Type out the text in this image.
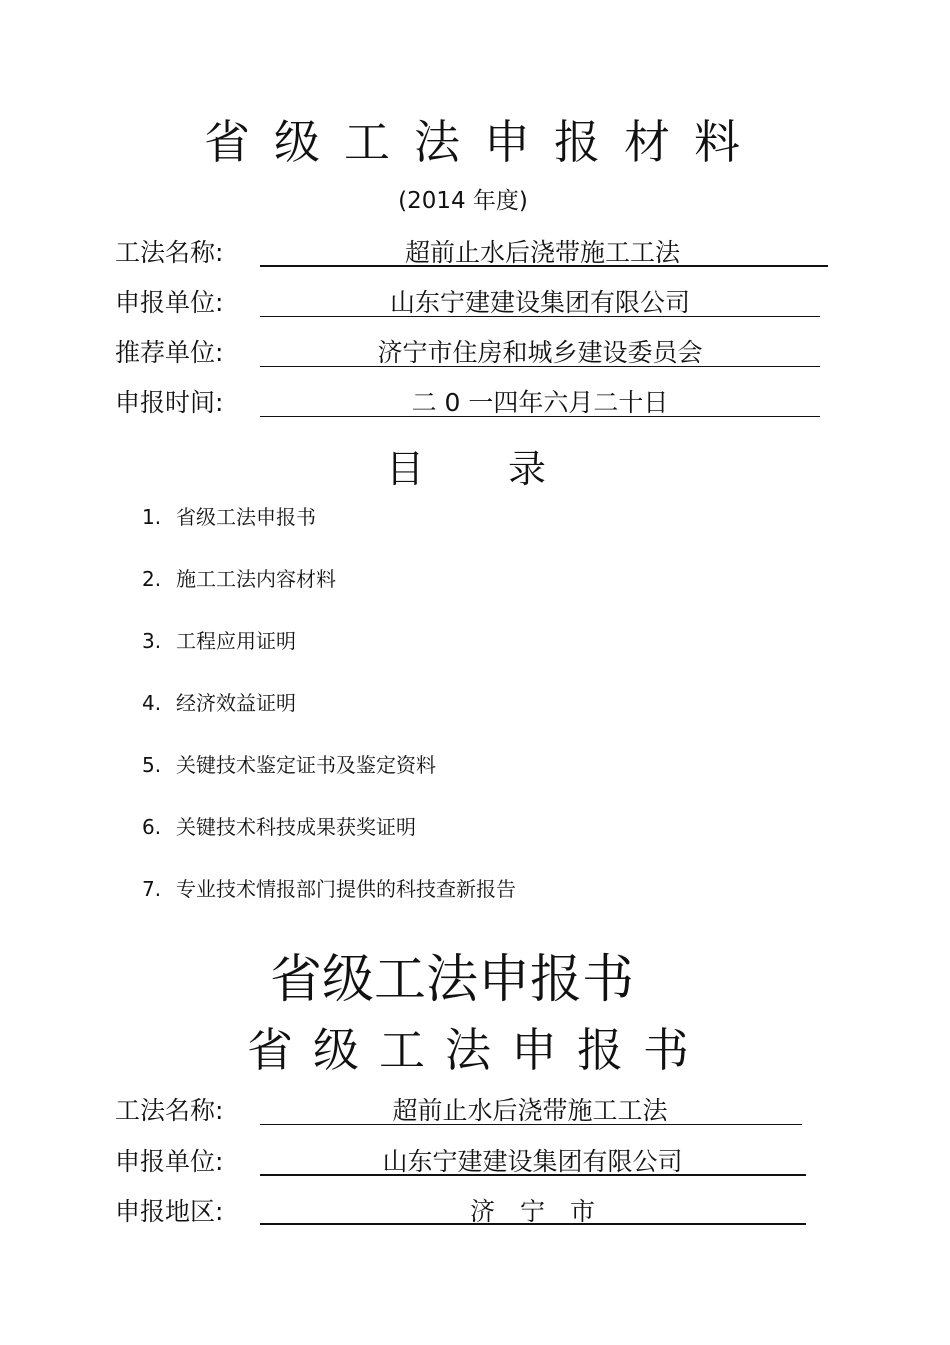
省级工法申报材料
(2014 年度)
工法名称:	超前止水后浇带施工工法
申报单位:	山东宁建建设集团有限公司
推荐单位:	济宁市住房和城乡建设委员会
申报时间:	二 0 一四年六月二十日
目 录
1. 省级工法申报书
2. 施工工法内容材料
3. 工程应用证明
4. 经济效益证明
5. 关键技术鉴定证书及鉴定资料
6. 关键技术科技成果获奖证明
7. 专业技术情报部门提供的科技查新报告
省级工法申报书
省级工法申报书
工法名称:	超前止水后浇带施工工法
申报单位:	山东宁建建设集团有限公司
申报地区:	济　宁　市
